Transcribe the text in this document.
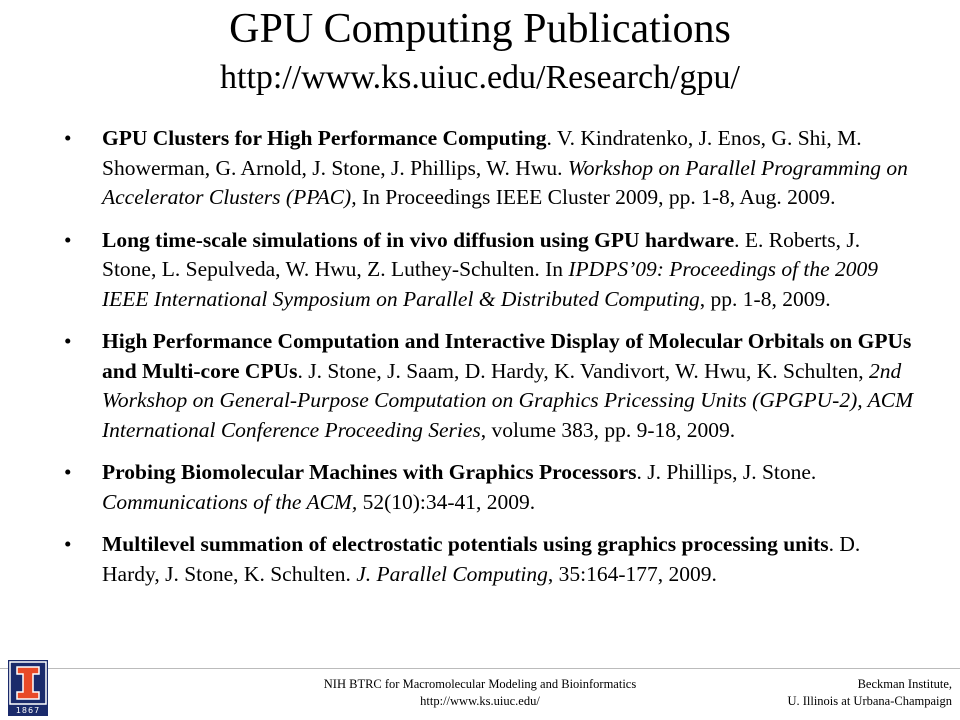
GPU Computing Publications
http://www.ks.uiuc.edu/Research/gpu/
• GPU Clusters for High Performance Computing. V. Kindratenko, J. Enos, G. Shi, M. Showerman, G. Arnold, J. Stone, J. Phillips, W. Hwu. Workshop on Parallel Programming on Accelerator Clusters (PPAC), In Proceedings IEEE Cluster 2009, pp. 1-8, Aug. 2009.
• Long time-scale simulations of in vivo diffusion using GPU hardware. E. Roberts, J. Stone, L. Sepulveda, W. Hwu, Z. Luthey-Schulten. In IPDPS’09: Proceedings of the 2009 IEEE International Symposium on Parallel & Distributed Computing, pp. 1-8, 2009.
• High Performance Computation and Interactive Display of Molecular Orbitals on GPUs and Multi-core CPUs. J. Stone, J. Saam, D. Hardy, K. Vandivort, W. Hwu, K. Schulten, 2nd Workshop on General-Purpose Computation on Graphics Pricessing Units (GPGPU-2), ACM International Conference Proceeding Series, volume 383, pp. 9-18, 2009.
• Probing Biomolecular Machines with Graphics Processors. J. Phillips, J. Stone. Communications of the ACM, 52(10):34-41, 2009.
• Multilevel summation of electrostatic potentials using graphics processing units. D. Hardy, J. Stone, K. Schulten. J. Parallel Computing, 35:164-177, 2009.
1867
NIH BTRC for Macromolecular Modeling and Bioinformatics
http://www.ks.uiuc.edu/
Beckman Institute,
U. Illinois at Urbana-Champaign
